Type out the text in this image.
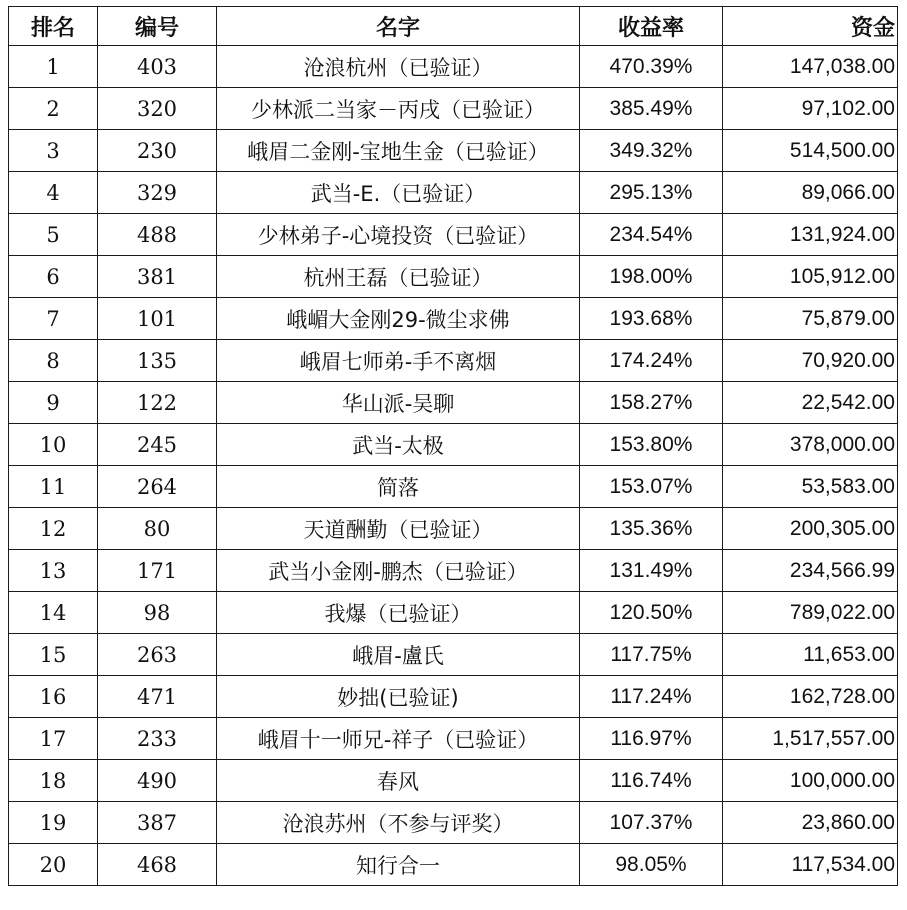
排名	编号	名字	收益率	资金
1	403	沧浪杭州（已验证）	470.39%	147,038.00
2	320	少林派二当家－丙戌（已验证）	385.49%	97,102.00
3	230	峨眉二金刚-宝地生金（已验证）	349.32%	514,500.00
4	329	武当-E.（已验证）	295.13%	89,066.00
5	488	少林弟子-心境投资（已验证）	234.54%	131,924.00
6	381	杭州王磊（已验证）	198.00%	105,912.00
7	101	峨嵋大金刚29-微尘求佛	193.68%	75,879.00
8	135	峨眉七师弟-手不离烟	174.24%	70,920.00
9	122	华山派-吴聊	158.27%	22,542.00
10	245	武当-太极	153.80%	378,000.00
11	264	简落	153.07%	53,583.00
12	80	天道酬勤（已验证）	135.36%	200,305.00
13	171	武当小金刚-鹏杰（已验证）	131.49%	234,566.99
14	98	我爆（已验证）	120.50%	789,022.00
15	263	峨眉-盧氏	117.75%	11,653.00
16	471	妙拙(已验证)	117.24%	162,728.00
17	233	峨眉十一师兄-祥子（已验证）	116.97%	1,517,557.00
18	490	春风	116.74%	100,000.00
19	387	沧浪苏州（不参与评奖）	107.37%	23,860.00
20	468	知行合一	98.05%	117,534.00
